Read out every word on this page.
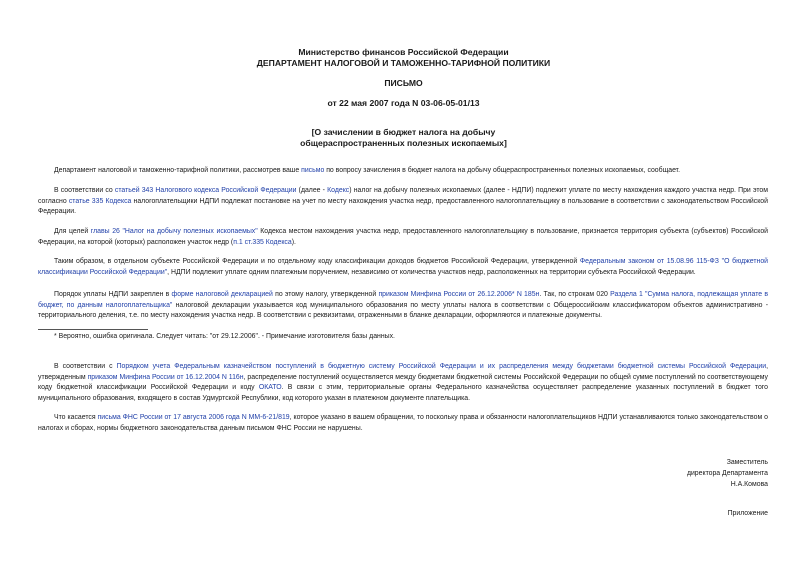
Министерство финансов Российской Федерации
ДЕПАРТАМЕНТ НАЛОГОВОЙ И ТАМОЖЕННО-ТАРИФНОЙ ПОЛИТИКИ
ПИСЬМО
от 22 мая 2007 года N 03-06-05-01/13
[О зачислении в бюджет налога на добычу
общераспространенных полезных ископаемых]
Департамент налоговой и таможенно-тарифной политики, рассмотрев ваше письмо по вопросу зачисления в бюджет налога на добычу общераспространенных полезных ископаемых, сообщает.
В соответствии со статьей 343 Налогового кодекса Российской Федерации (далее - Кодекс) налог на добычу полезных ископаемых (далее - НДПИ) подлежит уплате по месту нахождения каждого участка недр. При этом согласно статье 335 Кодекса налогоплательщики НДПИ подлежат постановке на учет по месту нахождения участка недр, предоставленного налогоплательщику в пользование в соответствии с законодательством Российской Федерации.
Для целей главы 26 "Налог на добычу полезных ископаемых" Кодекса местом нахождения участка недр, предоставленного налогоплательщику в пользование, признается территория субъекта (субъектов) Российской Федерации, на которой (которых) расположен участок недр (п.1 ст.335 Кодекса).
Таким образом, в отдельном субъекте Российской Федерации и по отдельному коду классификации доходов бюджетов Российской Федерации, утвержденной Федеральным законом от 15.08.96 115-ФЗ "О бюджетной классификации Российской Федерации", НДПИ подлежит уплате одним платежным поручением, независимо от количества участков недр, расположенных на территории субъекта Российской Федерации.
Порядок уплаты НДПИ закреплен в форме налоговой декларацией по этому налогу, утвержденной приказом Минфина России от 26.12.2006* N 185н. Так, по строкам 020 Раздела 1 "Сумма налога, подлежащая уплате в бюджет, по данным налогоплательщика" налоговой декларации указывается код муниципального образования по месту уплаты налога в соответствии с Общероссийским классификатором объектов административно - территориального деления, т.е. по месту нахождения участка недр. В соответствии с реквизитами, отраженными в бланке декларации, оформляются и платежные документы.
* Вероятно, ошибка оригинала. Следует читать: "от 29.12.2006". - Примечание изготовителя базы данных.
В соответствии с Порядком учета Федеральным казначейством поступлений в бюджетную систему Российской Федерации и их распределения между бюджетами бюджетной системы Российской Федерации, утвержденным приказом Минфина России от 16.12.2004 N 116н, распределение поступлений осуществляется между бюджетами бюджетной системы Российской Федерации по общей сумме поступлений по соответствующему коду бюджетной классификации Российской Федерации и коду ОКАТО. В связи с этим, территориальные органы Федерального казначейства осуществляет распределение указанных поступлений в бюджет того муниципального образования, входящего в состав Удмуртской Республики, код которого указан в платежном документе плательщика.
Что касается письма ФНС России от 17 августа 2006 года N ММ-6-21/819, которое указано в вашем обращении, то поскольку права и обязанности налогоплательщиков НДПИ устанавливаются только законодательством о налогах и сборах, нормы бюджетного законодательства данным письмом ФНС России не нарушены.
Заместитель
директора Департамента
Н.А.Комова
Приложение
